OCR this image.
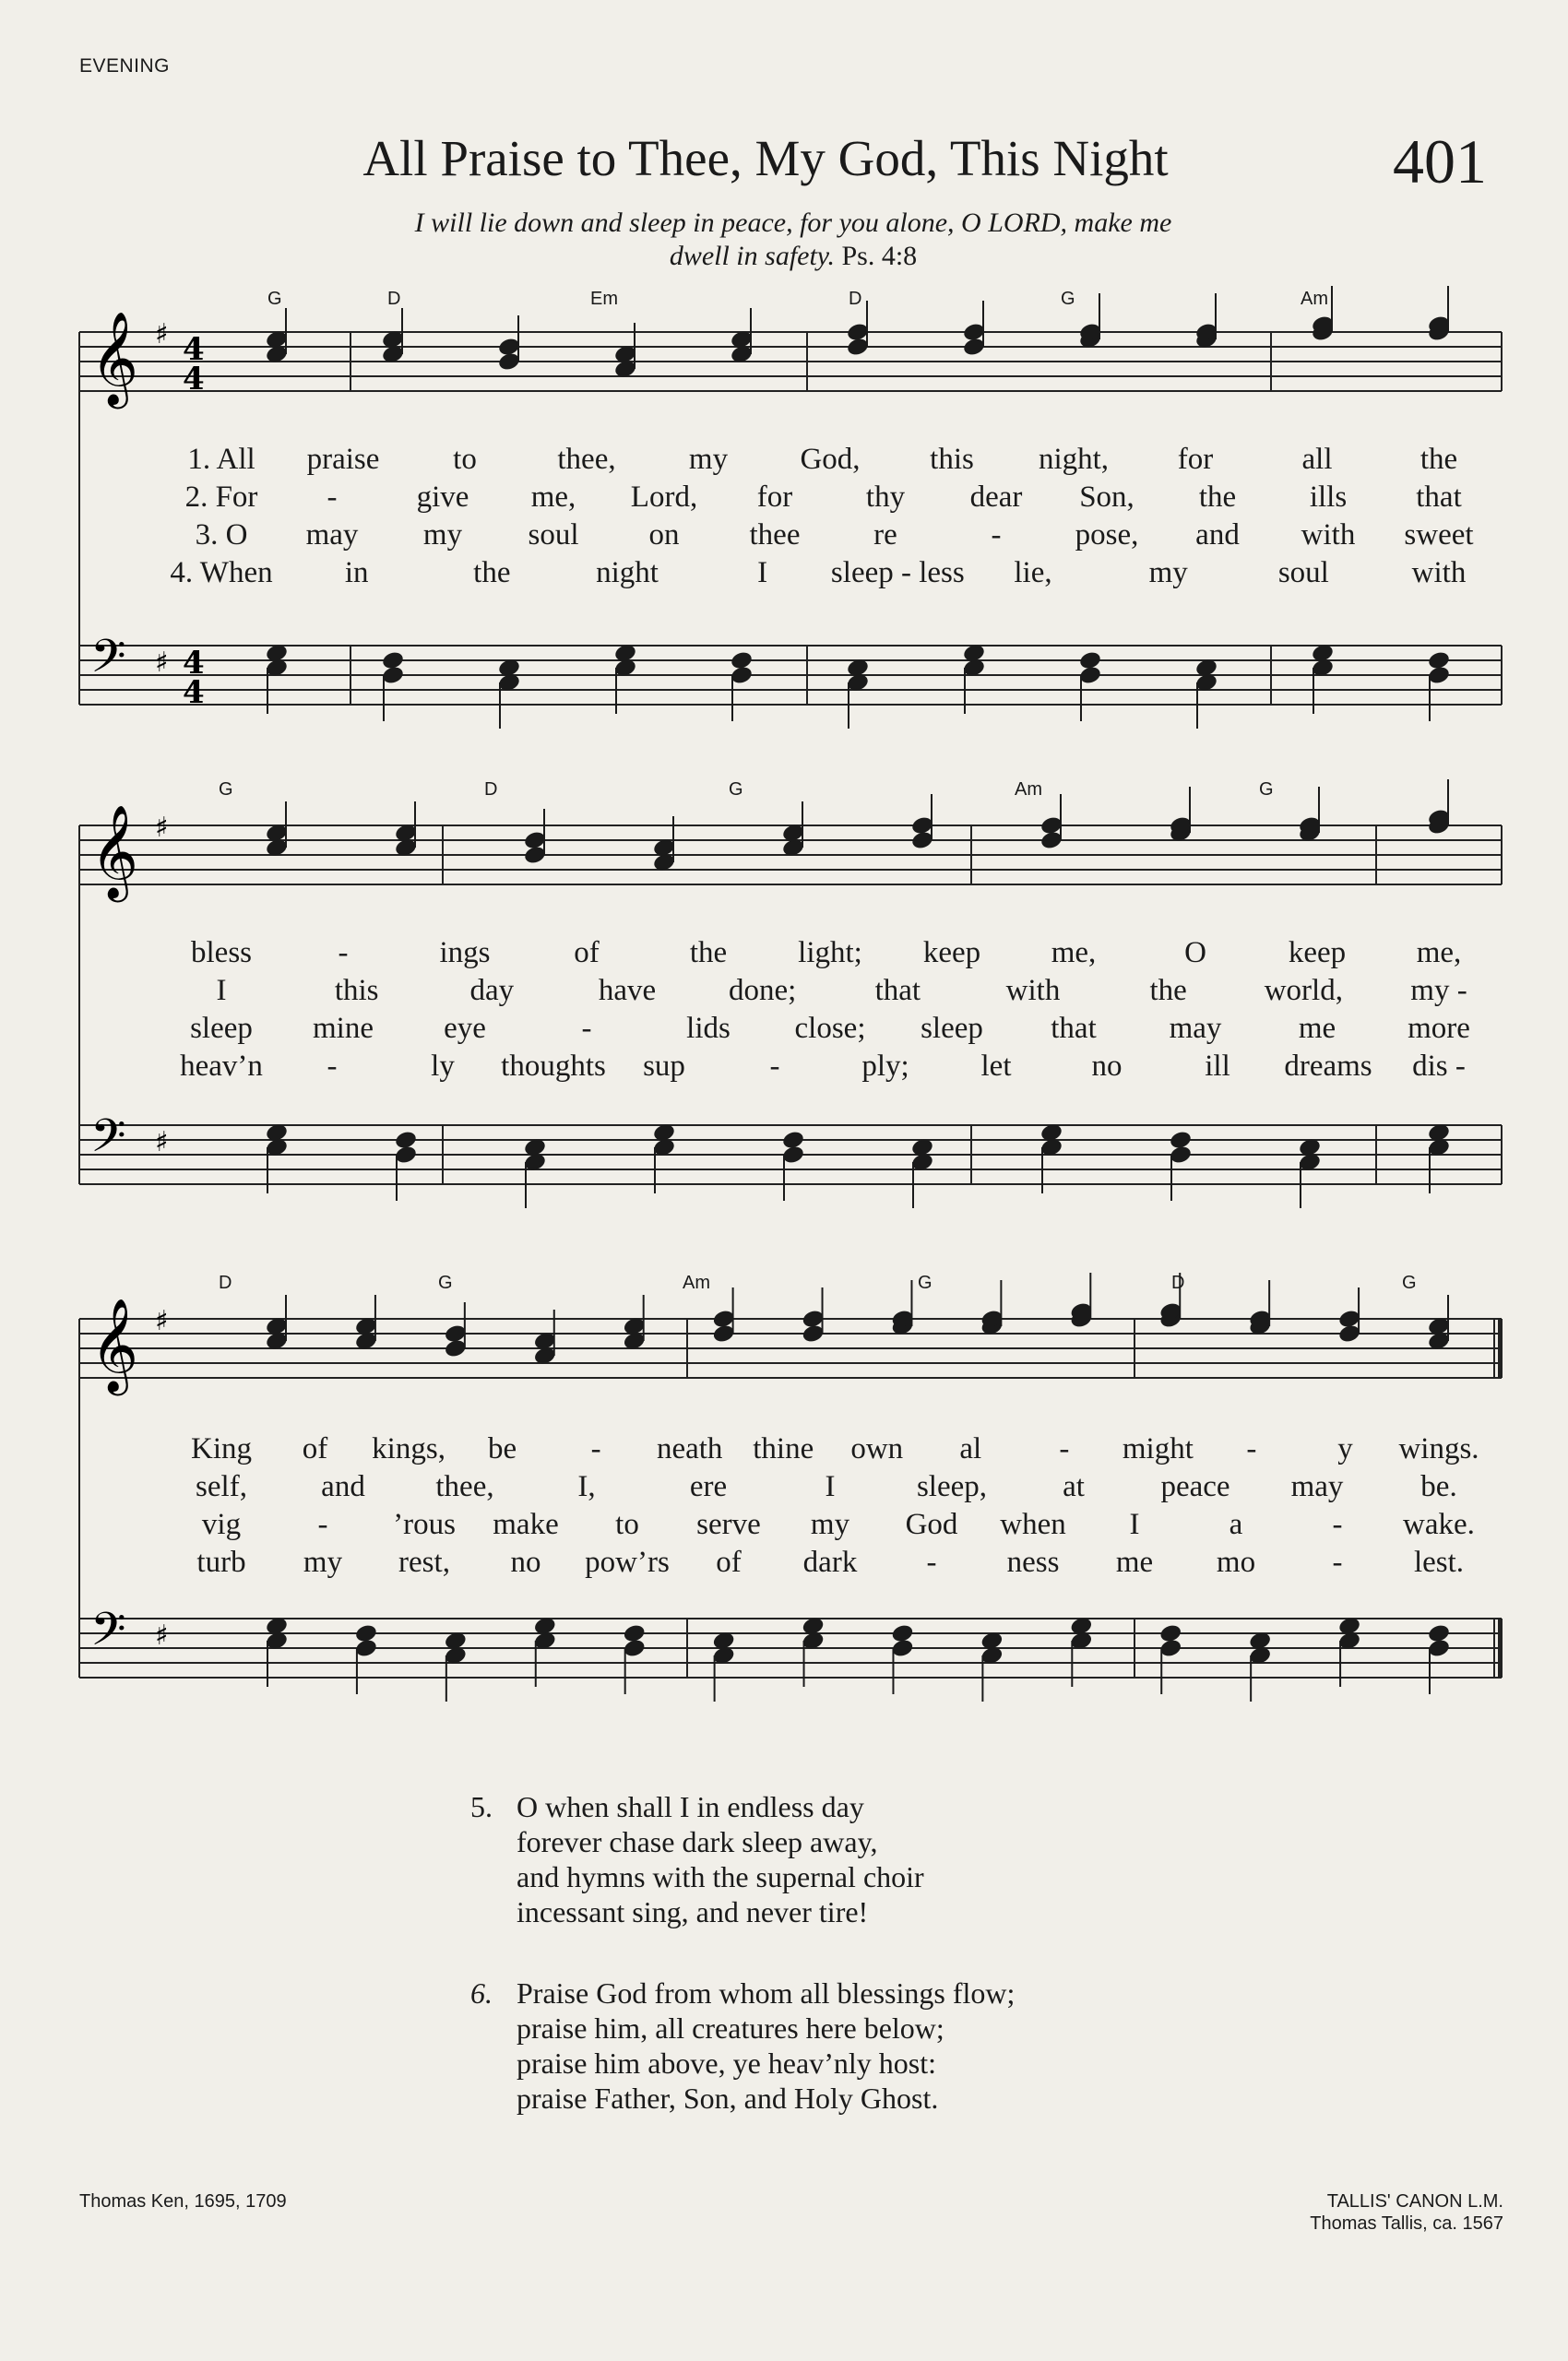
EVENING
All Praise to Thee, My God, This Night	401
I will lie down and sleep in peace, for you alone, O LORD, make me
dwell in safety. Ps. 4:8
𝄞 ♯ 4
4
𝄢 ♯ 4
4
𝄞 ♯
𝄢 ♯
𝄞 ♯
𝄢 ♯
G	D	Em	D	G	Am
G	D	G	Am	G
D	G	Am	G	D	G
1. All praise to	thee, my God, this night, for	all	the
2. For -	give me, Lord, for thy dear Son, the ills that
3. O may my soul on thee re	- pose, and with sweet
4. When in	the	night	I sleep - less lie,	my	soul	with
bless	-	ings	of	the light; keep me,	O	keep me,
I	this	day	have done;	that	with	the	world, my -
sleep mine eye	-	lids close; sleep that may	me more
heav’n -	ly thoughts sup	-	ply; let	no	ill dreams dis -
King of kings, be - neath thine own al	- might -	y wings.
self, and thee,	I,	ere	I	sleep, at	peace may	be.
vig	- ’rous make to serve my God when I	a	- wake.
turb my rest, no pow’rs of dark - ness me mo	- lest.
5. O when shall I in endless day
forever chase dark sleep away,
and hymns with the supernal choir
incessant sing, and never tire!
6. Praise God from whom all blessings flow;
praise him, all creatures here below;
praise him above, ye heav’nly host:
praise Father, Son, and Holy Ghost.
Thomas Ken, 1695, 1709	TALLIS' CANON L.M.
Thomas Tallis, ca. 1567
